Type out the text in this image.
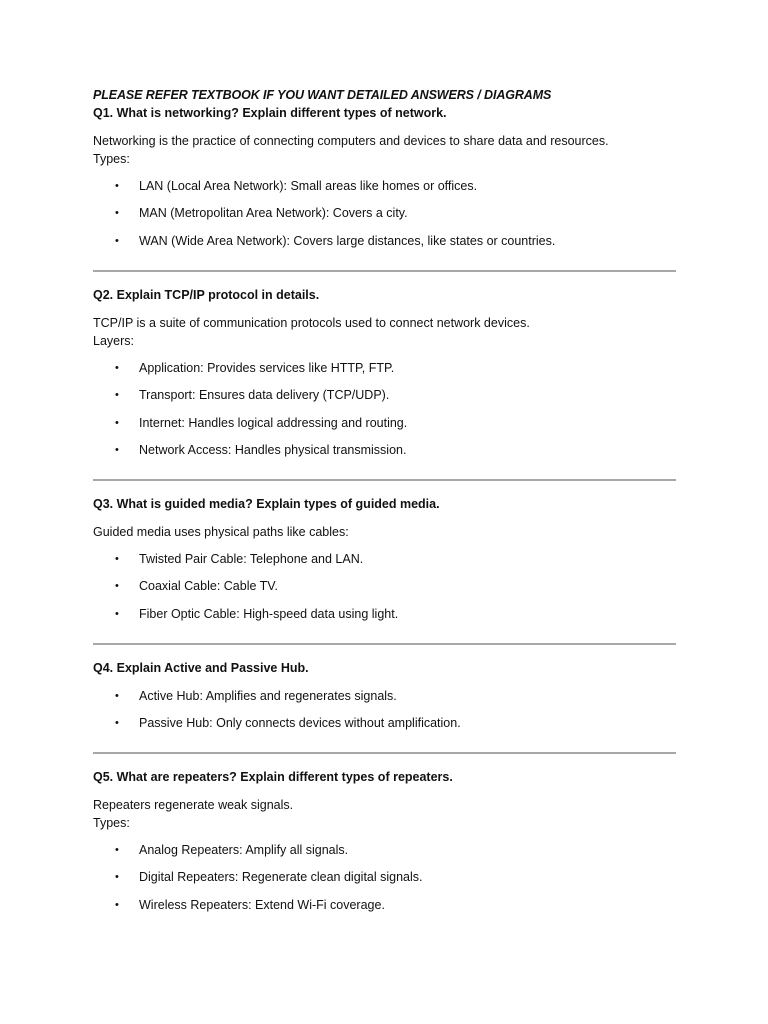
PLEASE REFER TEXTBOOK IF YOU WANT DETAILED ANSWERS / DIAGRAMS

Q1. What is networking? Explain different types of network.

Networking is the practice of connecting computers and devices to share data and resources.
Types:
• LAN (Local Area Network): Small areas like homes or offices.
• MAN (Metropolitan Area Network): Covers a city.
• WAN (Wide Area Network): Covers large distances, like states or countries.

Q2. Explain TCP/IP protocol in details.

TCP/IP is a suite of communication protocols used to connect network devices.
Layers:
• Application: Provides services like HTTP, FTP.
• Transport: Ensures data delivery (TCP/UDP).
• Internet: Handles logical addressing and routing.
• Network Access: Handles physical transmission.

Q3. What is guided media? Explain types of guided media.

Guided media uses physical paths like cables:
• Twisted Pair Cable: Telephone and LAN.
• Coaxial Cable: Cable TV.
• Fiber Optic Cable: High-speed data using light.

Q4. Explain Active and Passive Hub.

• Active Hub: Amplifies and regenerates signals.
• Passive Hub: Only connects devices without amplification.

Q5. What are repeaters? Explain different types of repeaters.

Repeaters regenerate weak signals.
Types:
• Analog Repeaters: Amplify all signals.
• Digital Repeaters: Regenerate clean digital signals.
• Wireless Repeaters: Extend Wi-Fi coverage.
